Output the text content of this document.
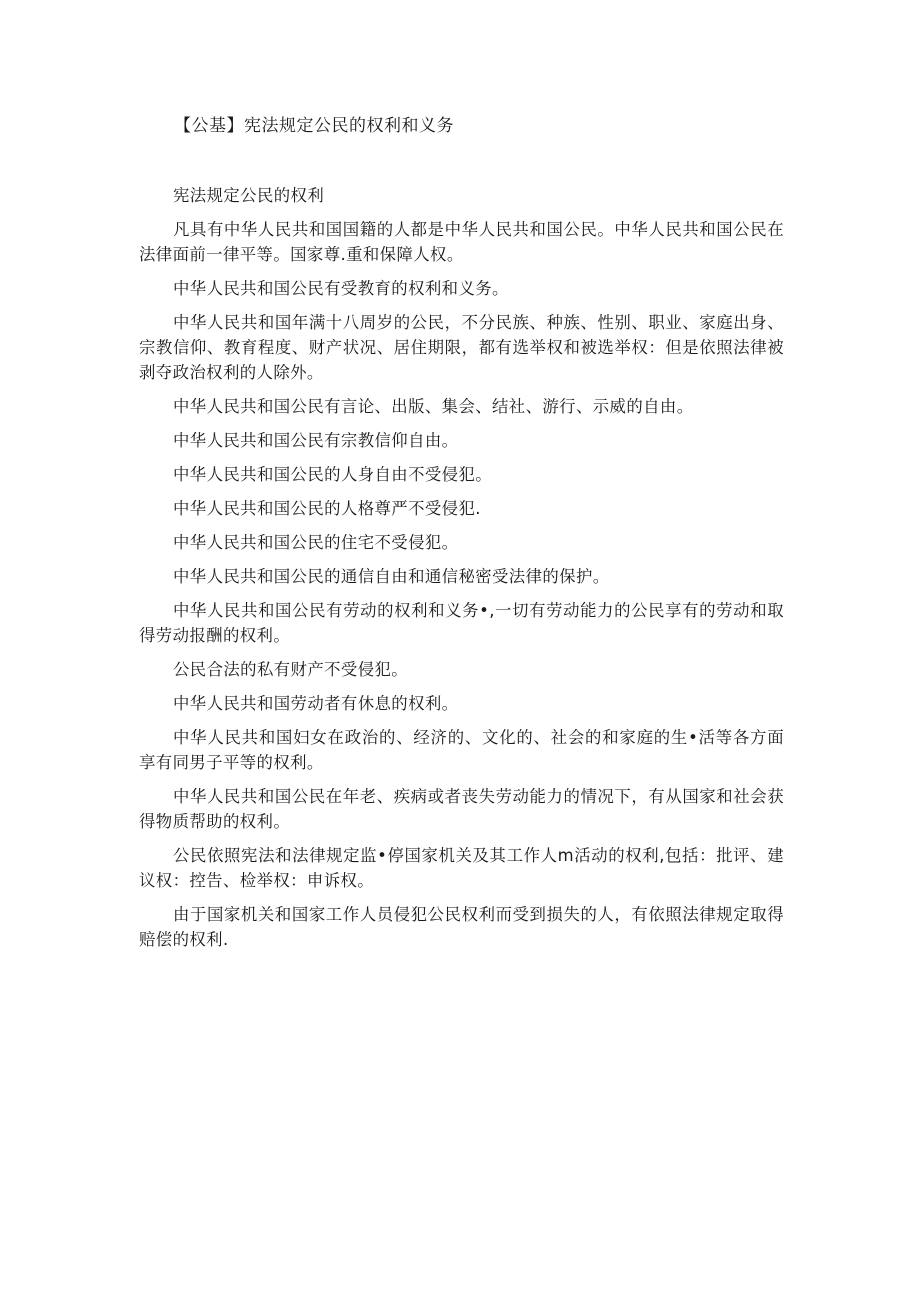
【公基】宪法规定公民的权利和义务

宪法规定公民的权利

凡具有中华人民共和国国籍的人都是中华人民共和国公民。中华人民共和国公民在法律面前一律平等。国家尊.重和保障人权。

中华人民共和国公民有受教育的权利和义务。

中华人民共和国年满十八周岁的公民，不分民族、种族、性别、职业、家庭出身、宗教信仰、教育程度、财产状况、居住期限，都有选举权和被选举权：但是依照法律被剥夺政治权利的人除外。

中华人民共和国公民有言论、出版、集会、结社、游行、示威的自由。

中华人民共和国公民有宗教信仰自由。

中华人民共和国公民的人身自由不受侵犯。

中华人民共和国公民的人格尊严不受侵犯.

中华人民共和国公民的住宅不受侵犯。

中华人民共和国公民的通信自由和通信秘密受法律的保护。

中华人民共和国公民有劳动的权利和义务•,一切有劳动能力的公民享有的劳动和取得劳动报酬的权利。

公民合法的私有财产不受侵犯。

中华人民共和国劳动者有休息的权利。

中华人民共和国妇女在政治的、经济的、文化的、社会的和家庭的生•活等各方面享有同男子平等的权利。

中华人民共和国公民在年老、疾病或者丧失劳动能力的情况下，有从国家和社会获得物质帮助的权利。

公民依照宪法和法律规定监•停国家机关及其工作人m活动的权利,包括：批评、建议权：控告、检举权：申诉权。

由于国家机关和国家工作人员侵犯公民权利而受到损失的人，有依照法律规定取得赔偿的权利.
